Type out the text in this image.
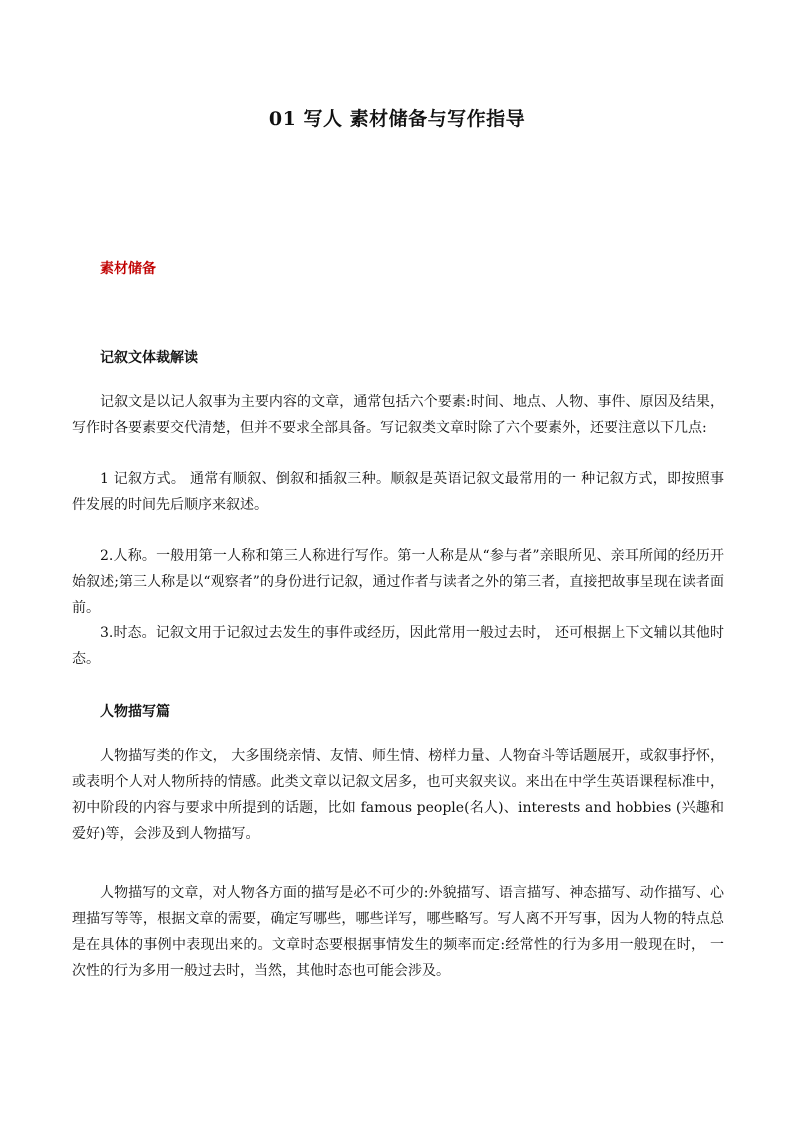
01 写人 素材储备与写作指导

素材储备

记叙文体裁解读

记叙文是以记人叙事为主要内容的文章，通常包括六个要素:时间、地点、人物、事件、原因及结果，写作时各要素要交代清楚，但并不要求全部具备。写记叙类文章时除了六个要素外，还要注意以下几点:

1 记叙方式。 通常有顺叙、倒叙和插叙三种。顺叙是英语记叙文最常用的一 种记叙方式，即按照事件发展的时间先后顺序来叙述。

2.人称。一般用第一人称和第三人称进行写作。第一人称是从“参与者”亲眼所见、亲耳所闻的经历开始叙述;第三人称是以“观察者”的身份进行记叙，通过作者与读者之外的第三者，直接把故事呈现在读者面前。

3.时态。记叙文用于记叙过去发生的事件或经历，因此常用一般过去时， 还可根据上下文辅以其他时态。

人物描写篇

人物描写类的作文， 大多围绕亲情、友情、师生情、榜样力量、人物奋斗等话题展开，或叙事抒怀，或表明个人对人物所持的情感。此类文章以记叙文居多，也可夹叙夹议。来出在中学生英语课程标准中，初中阶段的内容与要求中所提到的话题，比如 famous people(名人)、interests and hobbies (兴趣和爱好)等，会涉及到人物描写。

人物描写的文章，对人物各方面的描写是必不可少的:外貌描写、语言描写、神态描写、动作描写、心理描写等等，根据文章的需要，确定写哪些，哪些详写，哪些略写。写人离不开写事，因为人物的特点总是在具体的事例中表现出来的。文章时态要根据事情发生的频率而定:经常性的行为多用一般现在时， 一次性的行为多用一般过去时，当然，其他时态也可能会涉及。
